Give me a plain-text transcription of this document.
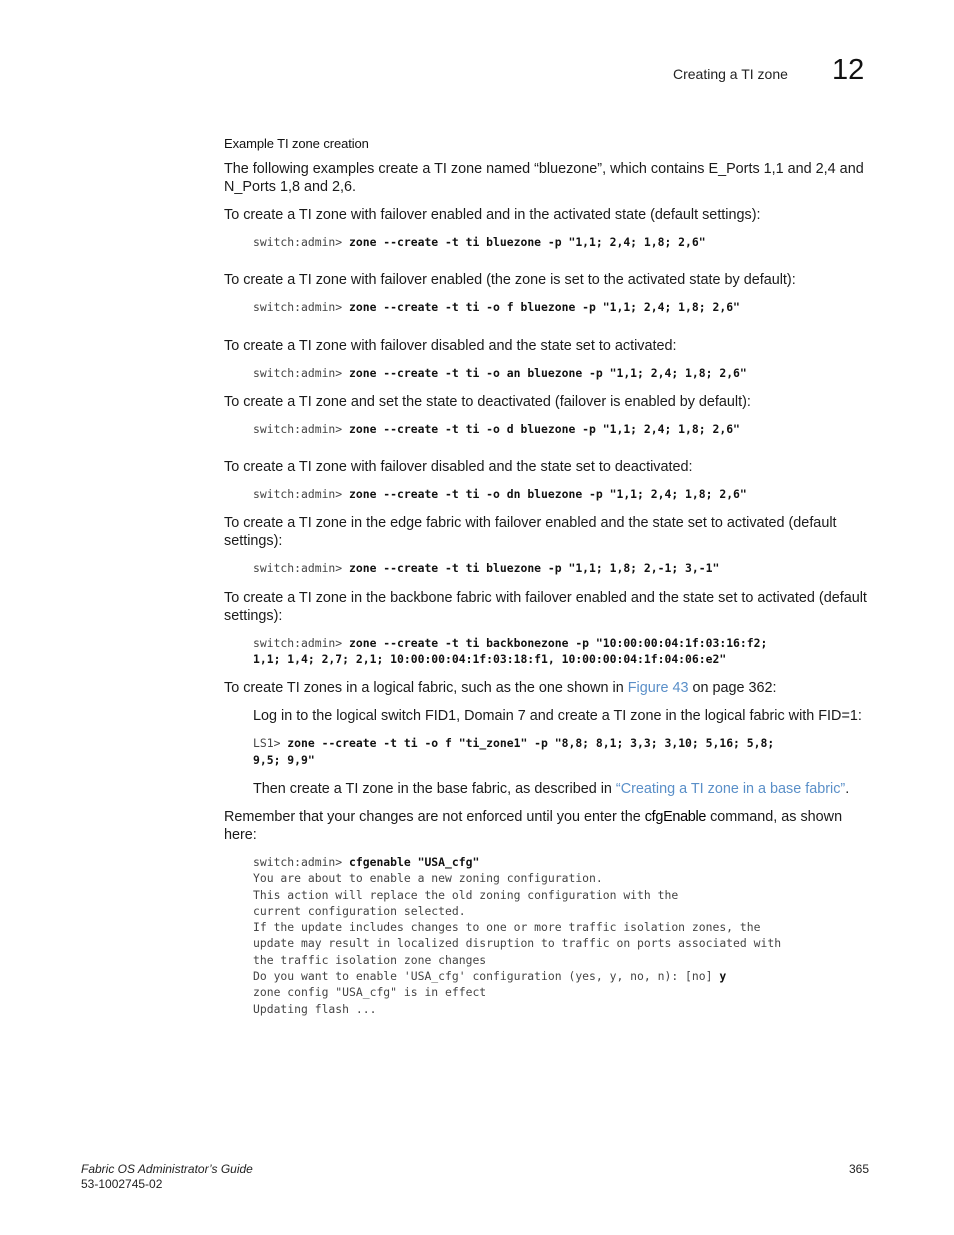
Creating a TI zone 12
Example TI zone creation
The following examples create a TI zone named “bluezone”, which contains E_Ports 1,1 and 2,4 and N_Ports 1,8 and 2,6.
To create a TI zone with failover enabled and in the activated state (default settings):
switch:admin> zone --create -t ti bluezone -p "1,1; 2,4; 1,8; 2,6"
To create a TI zone with failover enabled (the zone is set to the activated state by default):
switch:admin> zone --create -t ti -o f bluezone -p "1,1; 2,4; 1,8; 2,6"
To create a TI zone with failover disabled and the state set to activated:
switch:admin> zone --create -t ti -o an bluezone -p "1,1; 2,4; 1,8; 2,6"
To create a TI zone and set the state to deactivated (failover is enabled by default):
switch:admin> zone --create -t ti -o d bluezone -p "1,1; 2,4; 1,8; 2,6"
To create a TI zone with failover disabled and the state set to deactivated:
switch:admin> zone --create -t ti -o dn bluezone -p "1,1; 2,4; 1,8; 2,6"
To create a TI zone in the edge fabric with failover enabled and the state set to activated (default settings):
switch:admin> zone --create -t ti bluezone -p "1,1; 1,8; 2,-1; 3,-1"
To create a TI zone in the backbone fabric with failover enabled and the state set to activated (default settings):
switch:admin> zone --create -t ti backbonezone -p "10:00:00:04:1f:03:16:f2;
1,1; 1,4; 2,7; 2,1; 10:00:00:04:1f:03:18:f1, 10:00:00:04:1f:04:06:e2"
To create TI zones in a logical fabric, such as the one shown in Figure 43 on page 362:
Log in to the logical switch FID1, Domain 7 and create a TI zone in the logical fabric with FID=1:
LS1> zone --create -t ti -o f "ti_zone1" -p "8,8; 8,1; 3,3; 3,10; 5,16; 5,8;
9,5; 9,9"
Then create a TI zone in the base fabric, as described in “Creating a TI zone in a base fabric”.
Remember that your changes are not enforced until you enter the cfgEnable command, as shown here:
switch:admin> cfgenable "USA_cfg"
You are about to enable a new zoning configuration.
This action will replace the old zoning configuration with the
current configuration selected.
If the update includes changes to one or more traffic isolation zones, the
update may result in localized disruption to traffic on ports associated with
the traffic isolation zone changes
Do you want to enable 'USA_cfg' configuration (yes, y, no, n): [no] y
zone config "USA_cfg" is in effect
Updating flash ...
Fabric OS Administrator’s Guide
53-1002745-02
365
